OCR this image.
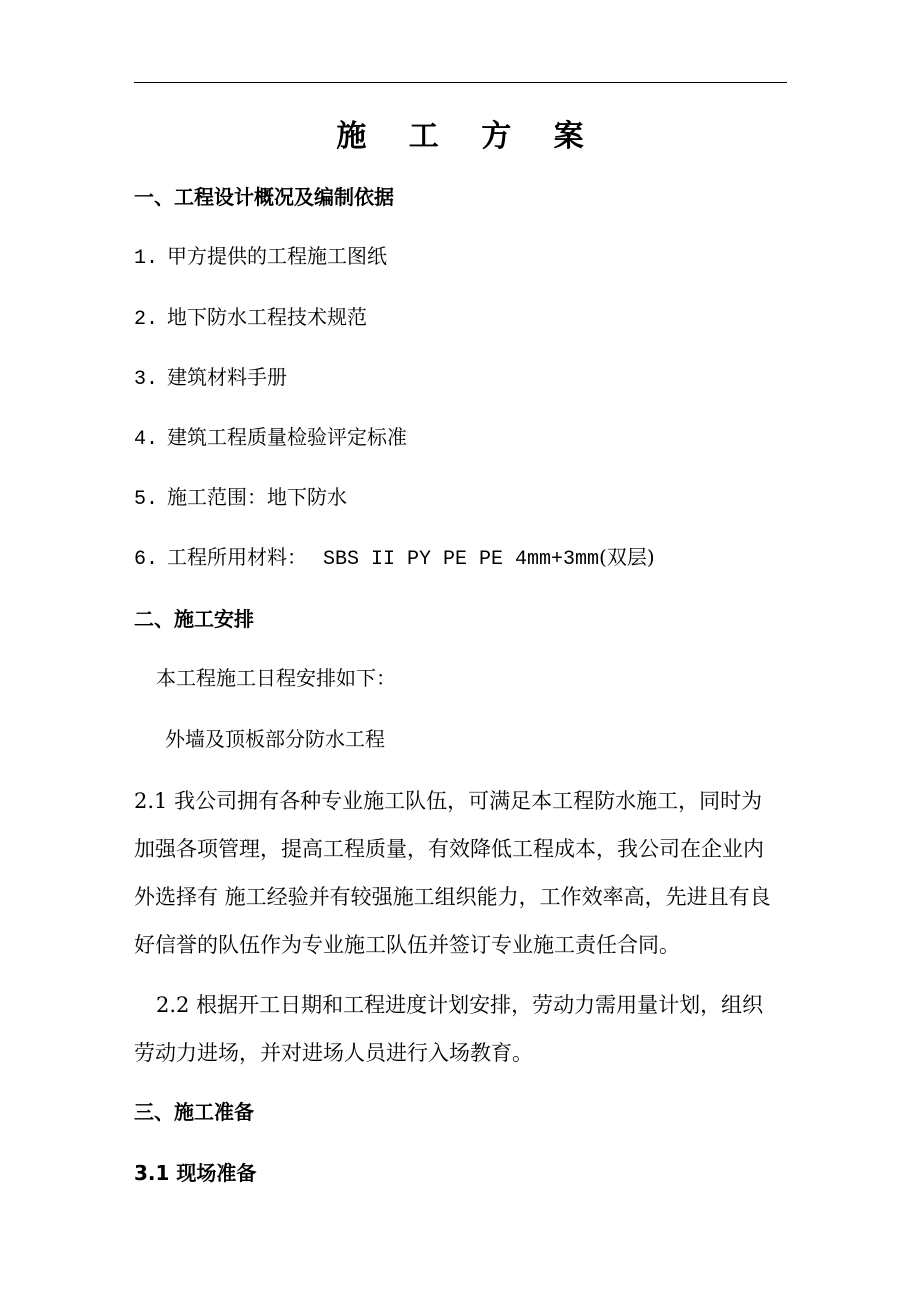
施 工 方 案
一、工程设计概况及编制依据
1. 甲方提供的工程施工图纸
2. 地下防水工程技术规范
3. 建筑材料手册
4. 建筑工程质量检验评定标准
5. 施工范围：地下防水
6. 工程所用材料： SBS II PY PE PE 4mm+3mm(双层)
二、施工安排
本工程施工日程安排如下：
外墙及顶板部分防水工程
2.1 我公司拥有各种专业施工队伍，可满足本工程防水施工，同时为
加强各项管理，提高工程质量，有效降低工程成本，我公司在企业内
外选择有 施工经验并有较强施工组织能力，工作效率高，先进且有良
好信誉的队伍作为专业施工队伍并签订专业施工责任合同。
2.2 根据开工日期和工程进度计划安排，劳动力需用量计划，组织
劳动力进场，并对进场人员进行入场教育。
三、施工准备
3.1 现场准备
